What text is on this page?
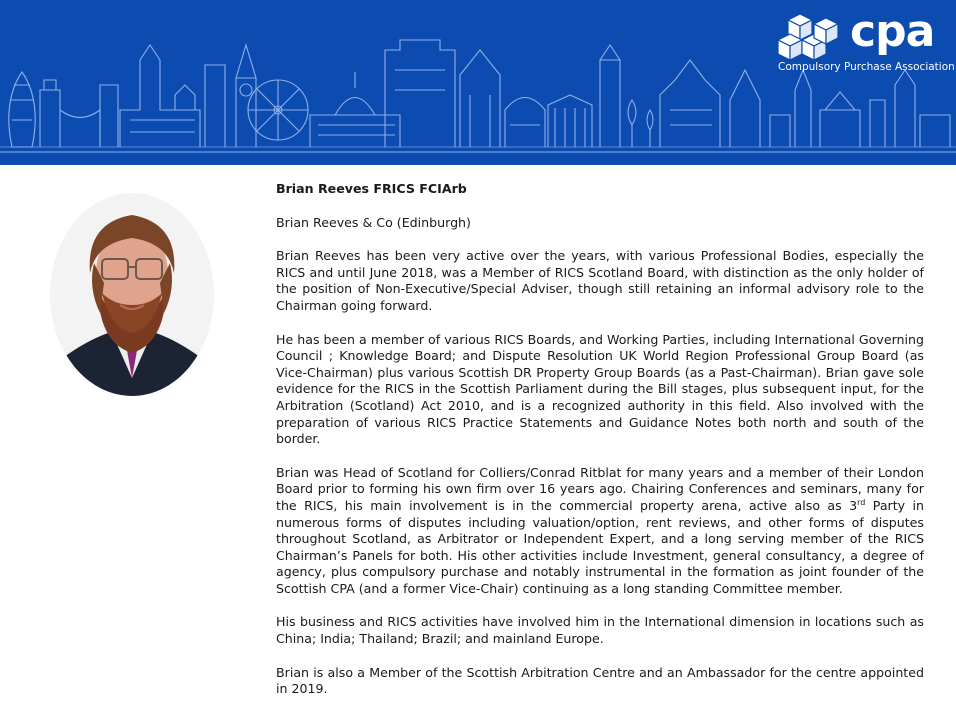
cpa
Compulsory Purchase Association

Brian Reeves FRICS FCIArb

Brian Reeves & Co (Edinburgh)

Brian Reeves has been very active over the years, with various Professional Bodies, especially the RICS and until June 2018, was a Member of RICS Scotland Board, with distinction as the only holder of the position of Non-Executive/Special Adviser, though still retaining an informal advisory role to the Chairman going forward.

He has been a member of various RICS Boards, and Working Parties, including International Governing Council ; Knowledge Board; and Dispute Resolution UK World Region Professional Group Board (as Vice-Chairman) plus various Scottish DR Property Group Boards (as a Past-Chairman). Brian gave sole evidence for the RICS in the Scottish Parliament during the Bill stages, plus subsequent input, for the Arbitration (Scotland) Act 2010, and is a recognized authority in this field. Also involved with the preparation of various RICS Practice Statements and Guidance Notes both north and south of the border.

Brian was Head of Scotland for Colliers/Conrad Ritblat for many years and a member of their London Board prior to forming his own firm over 16 years ago. Chairing Conferences and seminars, many for the RICS, his main involvement is in the commercial property arena, active also as 3rd Party in numerous forms of disputes including valuation/option, rent reviews, and other forms of disputes throughout Scotland, as Arbitrator or Independent Expert, and a long serving member of the RICS Chairman’s Panels for both. His other activities include Investment, general consultancy, a degree of agency, plus compulsory purchase and notably instrumental in the formation as joint founder of the Scottish CPA (and a former Vice-Chair) continuing as a long standing Committee member.

His business and RICS activities have involved him in the International dimension in locations such as China; India; Thailand; Brazil; and mainland Europe.

Brian is also a Member of the Scottish Arbitration Centre and an Ambassador for the centre appointed in 2019.
